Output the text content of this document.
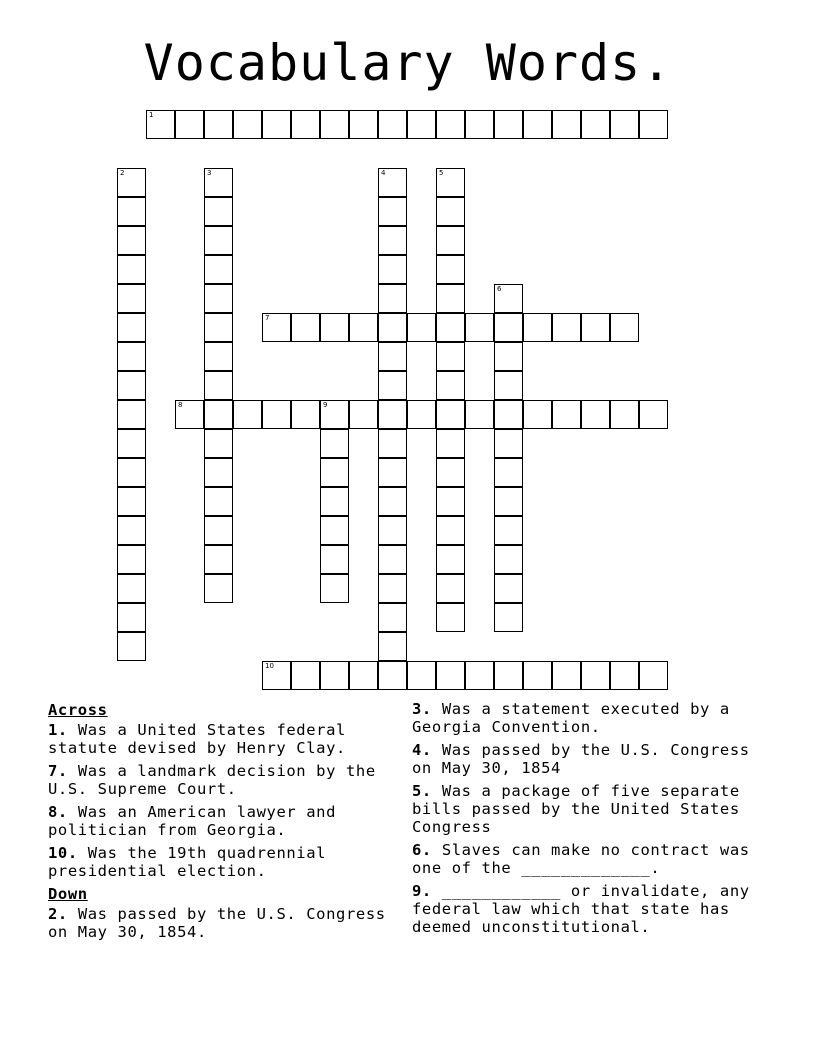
Vocabulary Words.
1
7
8	9
10
2	3	4	5
6
Across
1. Was a United States federal statute devised by Henry Clay.
7. Was a landmark decision by the U.S. Supreme Court.
8. Was an American lawyer and politician from Georgia.
10. Was the 19th quadrennial presidential election.
Down
2. Was passed by the U.S. Congress on May 30, 1854.
3. Was a statement executed by a Georgia Convention.
4. Was passed by the U.S. Congress on May 30, 1854
5. Was a package of five separate bills passed by the United States Congress
6. Slaves can make no contract was one of the _____________.
9. ____________ or invalidate, any federal law which that state has deemed unconstitutional.
